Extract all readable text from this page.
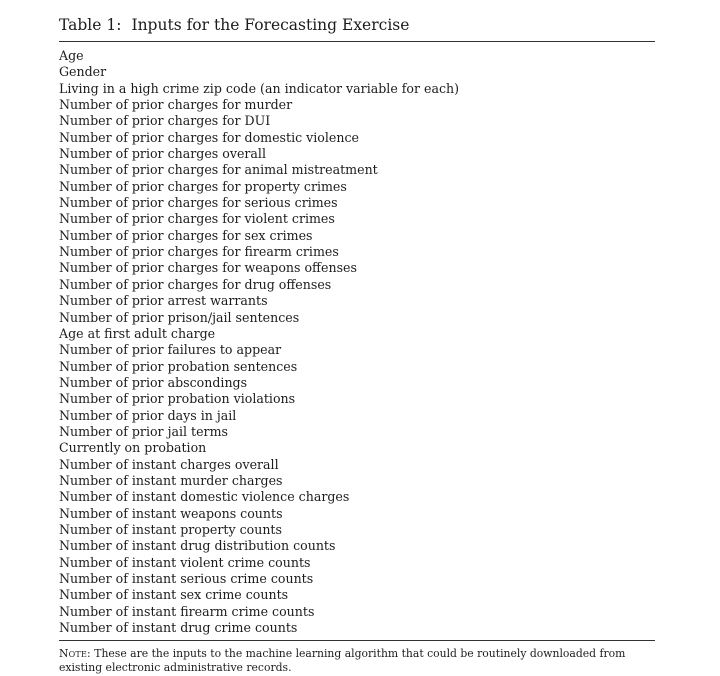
Table 1: Inputs for the Forecasting Exercise

Age
Gender
Living in a high crime zip code (an indicator variable for each)
Number of prior charges for murder
Number of prior charges for DUI
Number of prior charges for domestic violence
Number of prior charges overall
Number of prior charges for animal mistreatment
Number of prior charges for property crimes
Number of prior charges for serious crimes
Number of prior charges for violent crimes
Number of prior charges for sex crimes
Number of prior charges for firearm crimes
Number of prior charges for weapons offenses
Number of prior charges for drug offenses
Number of prior arrest warrants
Number of prior prison/jail sentences
Age at first adult charge
Number of prior failures to appear
Number of prior probation sentences
Number of prior abscondings
Number of prior probation violations
Number of prior days in jail
Number of prior jail terms
Currently on probation
Number of instant charges overall
Number of instant murder charges
Number of instant domestic violence charges
Number of instant weapons counts
Number of instant property counts
Number of instant drug distribution counts
Number of instant violent crime counts
Number of instant serious crime counts
Number of instant sex crime counts
Number of instant firearm crime counts
Number of instant drug crime counts

Note: These are the inputs to the machine learning algorithm that could be routinely downloaded from existing electronic administrative records.
